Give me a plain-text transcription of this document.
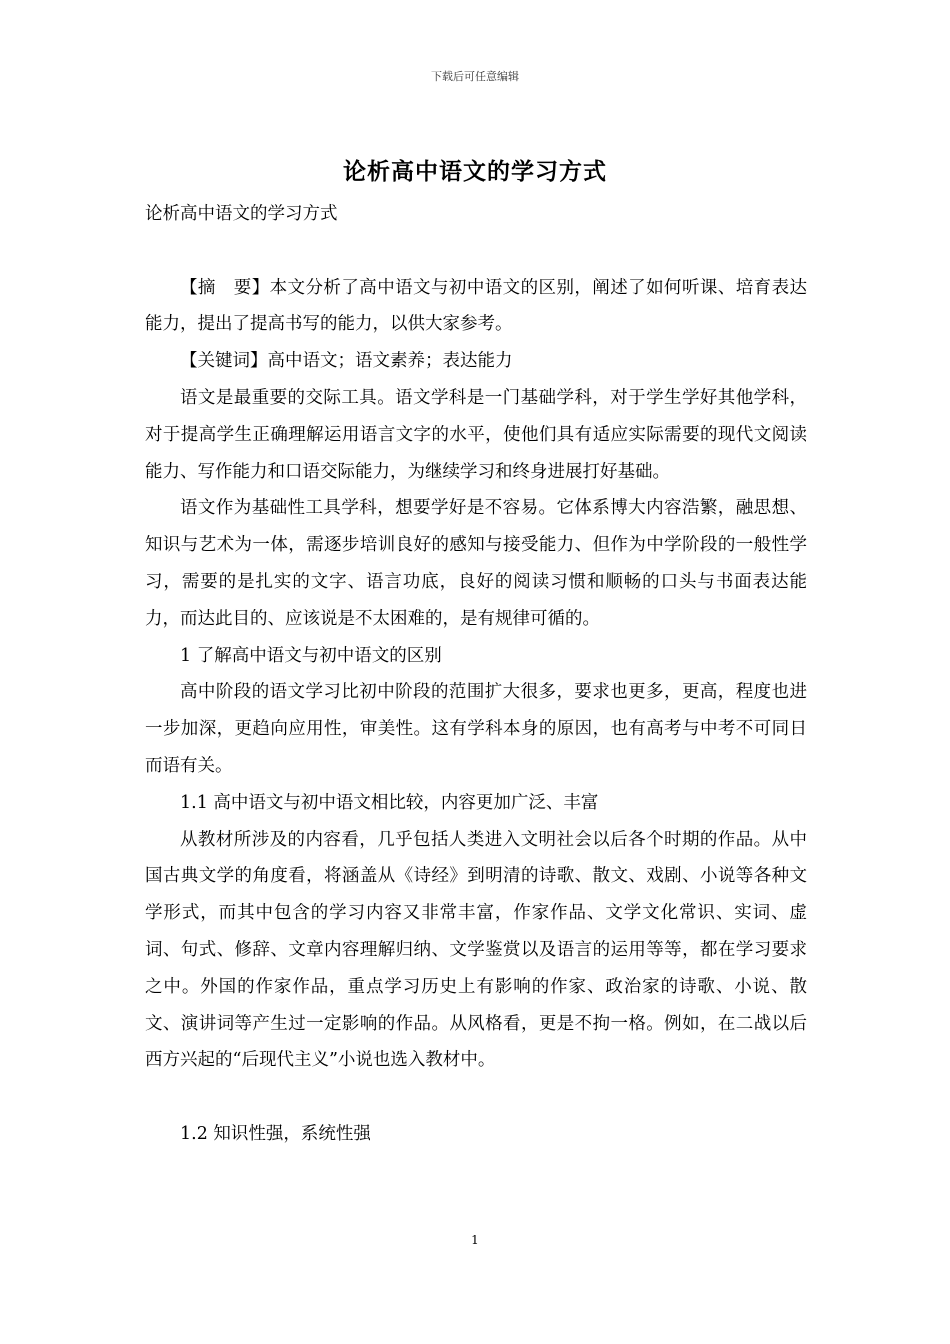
下载后可任意编辑
论析高中语文的学习方式

论析高中语文的学习方式

【摘　要】本文分析了高中语文与初中语文的区别，阐述了如何听课、培育表达能力，提出了提高书写的能力，以供大家参考。

【关键词】高中语文；语文素养；表达能力

语文是最重要的交际工具。语文学科是一门基础学科，对于学生学好其他学科，对于提高学生正确理解运用语言文字的水平，使他们具有适应实际需要的现代文阅读能力、写作能力和口语交际能力，为继续学习和终身进展打好基础。

语文作为基础性工具学科，想要学好是不容易。它体系博大内容浩繁，融思想、知识与艺术为一体，需逐步培训良好的感知与接受能力、但作为中学阶段的一般性学习，需要的是扎实的文字、语言功底，良好的阅读习惯和顺畅的口头与书面表达能力，而达此目的、应该说是不太困难的，是有规律可循的。

1 了解高中语文与初中语文的区别

高中阶段的语文学习比初中阶段的范围扩大很多，要求也更多，更高，程度也进一步加深，更趋向应用性，审美性。这有学科本身的原因，也有高考与中考不可同日而语有关。

1.1 高中语文与初中语文相比较，内容更加广泛、丰富

从教材所涉及的内容看，几乎包括人类进入文明社会以后各个时期的作品。从中国古典文学的角度看，将涵盖从《诗经》到明清的诗歌、散文、戏剧、小说等各种文学形式，而其中包含的学习内容又非常丰富，作家作品、文学文化常识、实词、虚词、句式、修辞、文章内容理解归纳、文学鉴赏以及语言的运用等等，都在学习要求之中。外国的作家作品，重点学习历史上有影响的作家、政治家的诗歌、小说、散文、演讲词等产生过一定影响的作品。从风格看，更是不拘一格。例如，在二战以后西方兴起的“后现代主义”小说也选入教材中。

1.2 知识性强，系统性强

1
